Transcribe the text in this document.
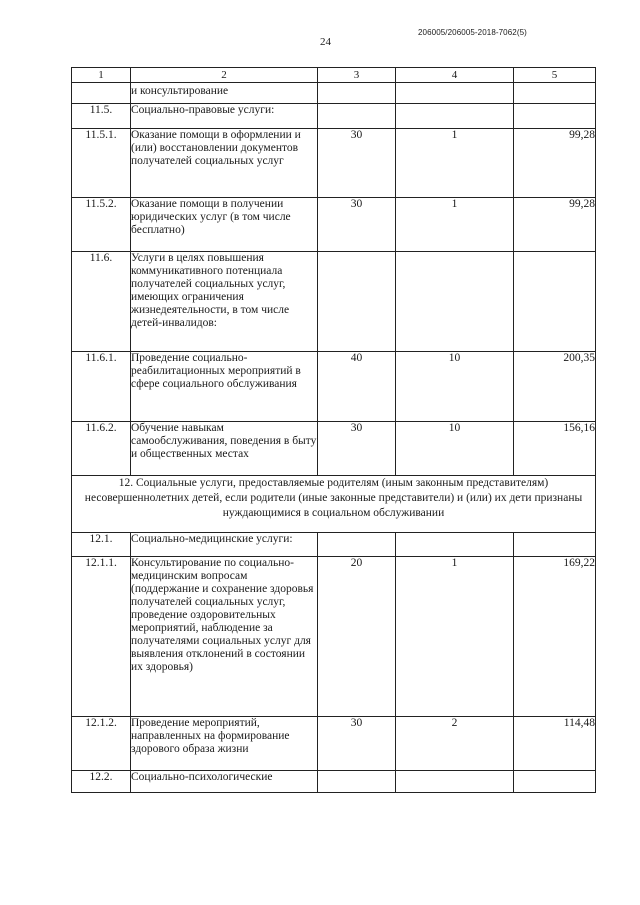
24
206005/206005-2018-7062(5)
1	2	3	4	5
	и консультирование			
11.5.	Социально-правовые услуги:			
11.5.1.	Оказание помощи в оформлении и (или) восстановлении документов получателей социальных услуг	30	1	99,28
11.5.2.	Оказание помощи в получении юридических услуг (в том числе бесплатно)	30	1	99,28
11.6.	Услуги в целях повышения коммуникативного потенциала получателей социальных услуг, имеющих ограничения жизнедеятельности, в том числе детей-инвалидов:			
11.6.1.	Проведение социально-реабилитационных мероприятий в сфере социального обслуживания	40	10	200,35
11.6.2.	Обучение навыкам самообслуживания, поведения в быту и общественных местах	30	10	156,16
12. Социальные услуги, предоставляемые родителям (иным законным представителям) несовершеннолетних детей, если родители (иные законные представители) и (или) их дети признаны нуждающимися в социальном обслуживании				
12.1.	Социально-медицинские услуги:			
12.1.1.	Консультирование по социально-медицинским вопросам (поддержание и сохранение здоровья получателей социальных услуг, проведение оздоровительных мероприятий, наблюдение за получателями социальных услуг для выявления отклонений в состоянии их здоровья)	20	1	169,22
12.1.2.	Проведение мероприятий, направленных на формирование здорового образа жизни	30	2	114,48
12.2.	Социально-психологические			
